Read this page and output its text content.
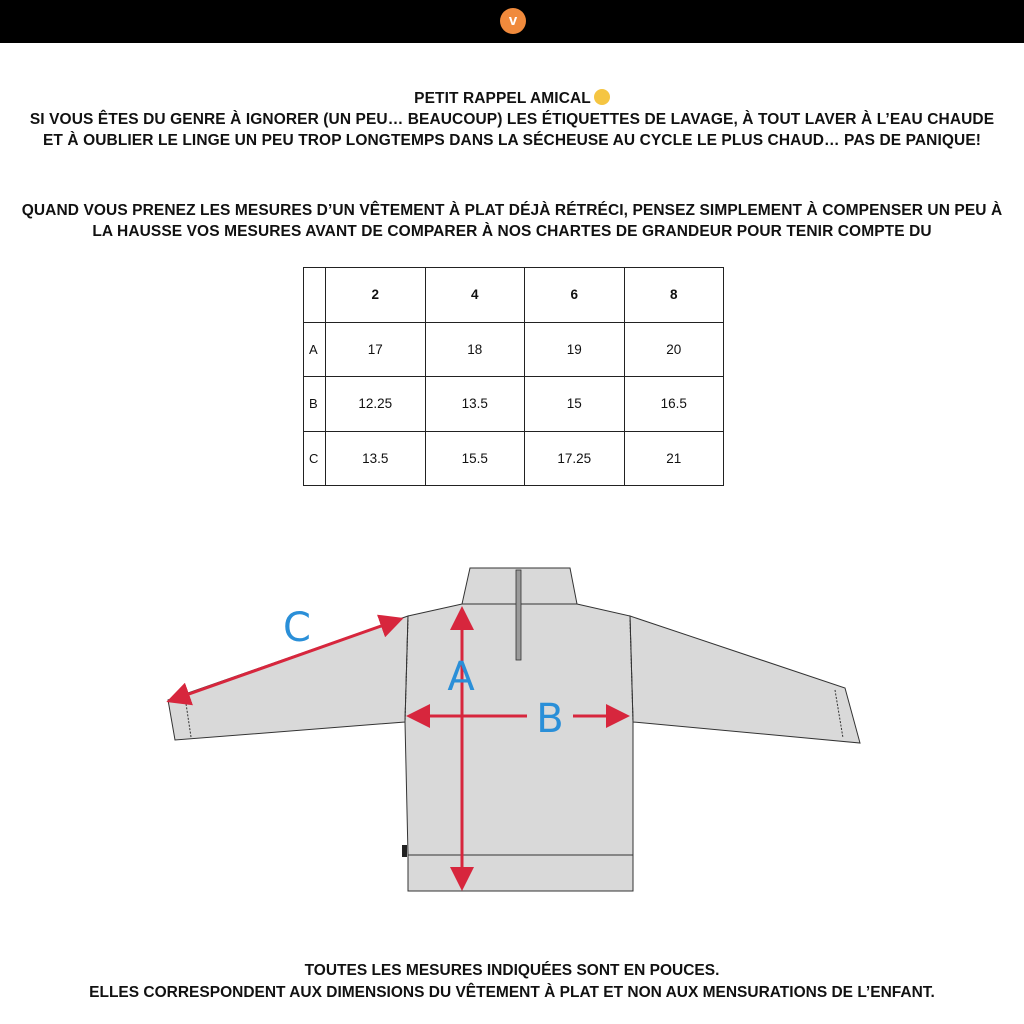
v
PETIT RAPPEL AMICAL
SI VOUS ÊTES DU GENRE À IGNORER (UN PEU… BEAUCOUP) LES ÉTIQUETTES DE LAVAGE, À TOUT LAVER À L’EAU CHAUDE ET À OUBLIER LE LINGE UN PEU TROP LONGTEMPS DANS LA SÉCHEUSE AU CYCLE LE PLUS CHAUD… PAS DE PANIQUE!
QUAND VOUS PRENEZ LES MESURES D’UN VÊTEMENT À PLAT DÉJÀ RÉTRÉCI, PENSEZ SIMPLEMENT À COMPENSER UN PEU À LA HAUSSE VOS MESURES AVANT DE COMPARER À NOS CHARTES DE GRANDEUR POUR TENIR COMPTE DU
	2	4	6	8
A	17	18	19	20
B	12.25	13.5	15	16.5
C	13.5	15.5	17.25	21
A
B
C
TOUTES LES MESURES INDIQUÉES SONT EN POUCES.
ELLES CORRESPONDENT AUX DIMENSIONS DU VÊTEMENT À PLAT ET NON AUX MENSURATIONS DE L’ENFANT.
